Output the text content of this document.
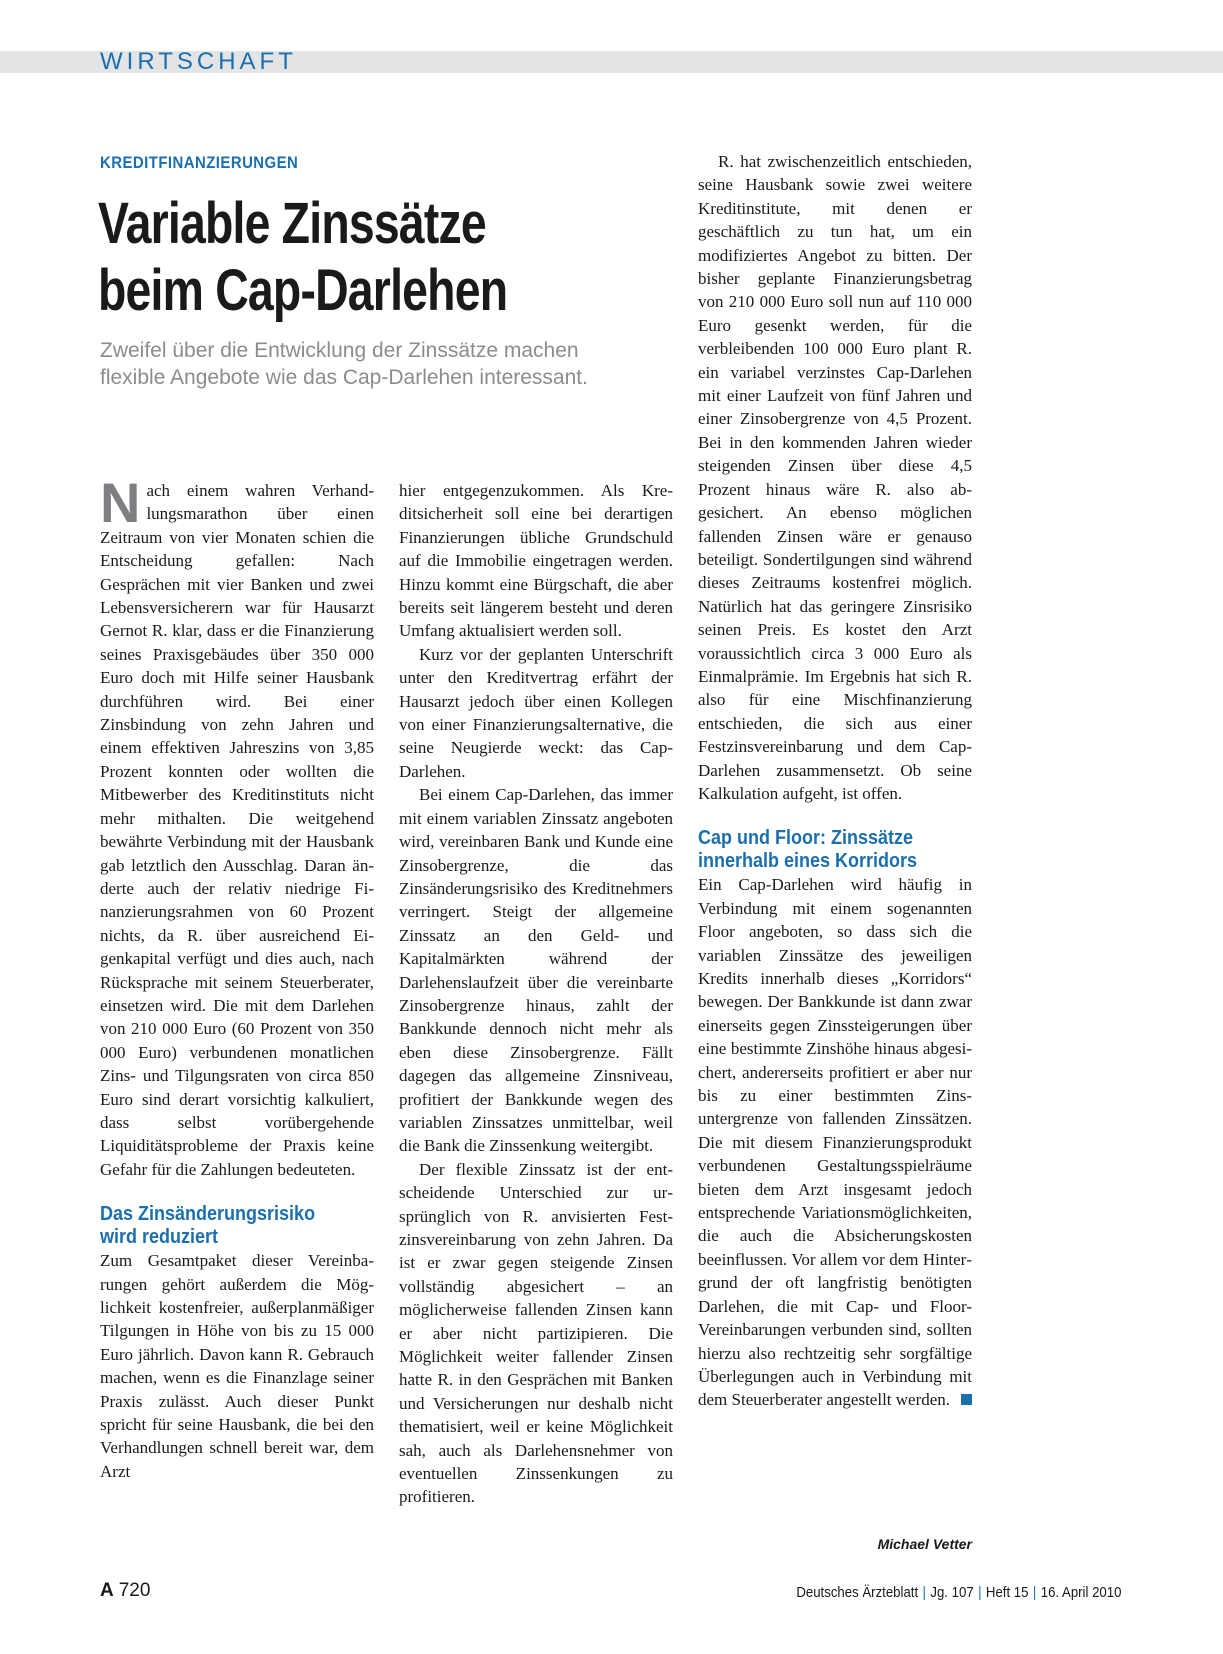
WIRTSCHAFT
KREDITFINANZIERUNGEN
Variable Zinssätze
beim Cap-Darlehen

Zweifel über die Entwicklung der Zinssätze machen flexible Angebote wie das Cap-Darlehen interessant.

Nach einem wahren Verhandlungsmarathon über einen Zeitraum von vier Monaten schien die Entscheidung gefallen: Nach Gesprächen mit vier Banken und zwei Lebensversicherern war für Hausarzt Gernot R. klar, dass er die Finanzierung seines Praxisgebäudes über 350 000 Euro doch mit Hilfe seiner Hausbank durchführen wird. Bei einer Zinsbindung von zehn Jahren und einem effektiven Jahreszins von 3,85 Prozent konnten oder wollten die Mitbewerber des Kreditinstituts nicht mehr mithalten. Die weitgehend bewährte Verbindung mit der Hausbank gab letztlich den Ausschlag. Daran änderte auch der relativ niedrige Finanzierungsrahmen von 60 Prozent nichts, da R. über ausreichend Eigenkapital verfügt und dies auch, nach Rücksprache mit seinem Steuerberater, einsetzen wird. Die mit dem Darlehen von 210 000 Euro (60 Prozent von 350 000 Euro) verbundenen monatlichen Zins- und Tilgungsraten von circa 850 Euro sind derart vorsichtig kalkuliert, dass selbst vorübergehende Liquiditätsprobleme der Praxis keine Gefahr für die Zahlungen bedeuteten.

Das Zinsänderungsrisiko
wird reduziert

Zum Gesamtpaket dieser Vereinbarungen gehört außerdem die Möglichkeit kostenfreier, außerplanmäßiger Tilgungen in Höhe von bis zu 15 000 Euro jährlich. Davon kann R. Gebrauch machen, wenn es die Finanzlage seiner Praxis zulässt. Auch dieser Punkt spricht für seine Hausbank, die bei den Verhandlungen schnell bereit war, dem Arzt

hier entgegenzukommen. Als Kreditsicherheit soll eine bei derartigen Finanzierungen übliche Grundschuld auf die Immobilie eingetragen werden. Hinzu kommt eine Bürgschaft, die aber bereits seit längerem besteht und deren Umfang aktualisiert werden soll.

Kurz vor der geplanten Unterschrift unter den Kreditvertrag erfährt der Hausarzt jedoch über einen Kollegen von einer Finanzierungsalternative, die seine Neugierde weckt: das Cap-Darlehen.

Bei einem Cap-Darlehen, das immer mit einem variablen Zinssatz angeboten wird, vereinbaren Bank und Kunde eine Zinsobergrenze, die das Zinsänderungsrisiko des Kreditnehmers verringert. Steigt der allgemeine Zinssatz an den Geld- und Kapitalmärkten während der Darlehenslaufzeit über die vereinbarte Zinsobergrenze hinaus, zahlt der Bankkunde dennoch nicht mehr als eben diese Zinsobergrenze. Fällt dagegen das allgemeine Zinsniveau, profitiert der Bankkunde wegen des variablen Zinssatzes unmittelbar, weil die Bank die Zinssenkung weitergibt.

Der flexible Zinssatz ist der entscheidende Unterschied zur ursprünglich von R. anvisierten Festzinsvereinbarung von zehn Jahren. Da ist er zwar gegen steigende Zinsen vollständig abgesichert – an möglicherweise fallenden Zinsen kann er aber nicht partizipieren. Die Möglichkeit weiter fallender Zinsen hatte R. in den Gesprächen mit Banken und Versicherungen nur deshalb nicht thematisiert, weil er keine Möglichkeit sah, auch als Darlehensnehmer von eventuellen Zinssenkungen zu profitieren.

R. hat zwischenzeitlich entschieden, seine Hausbank sowie zwei weitere Kreditinstitute, mit denen er geschäftlich zu tun hat, um ein modifiziertes Angebot zu bitten. Der bisher geplante Finanzierungsbetrag von 210 000 Euro soll nun auf 110 000 Euro gesenkt werden, für die verbleibenden 100 000 Euro plant R. ein variabel verzinstes Cap-Darlehen mit einer Laufzeit von fünf Jahren und einer Zinsobergrenze von 4,5 Prozent. Bei in den kommenden Jahren wieder steigenden Zinsen über diese 4,5 Prozent hinaus wäre R. also abgesichert. An ebenso möglichen fallenden Zinsen wäre er genauso beteiligt. Sondertilgungen sind während dieses Zeitraums kostenfrei möglich. Natürlich hat das geringere Zinsrisiko seinen Preis. Es kostet den Arzt voraussichtlich circa 3 000 Euro als Einmalprämie. Im Ergebnis hat sich R. also für eine Mischfinanzierung entschieden, die sich aus einer Festzinsvereinbarung und dem Cap-Darlehen zusammensetzt. Ob seine Kalkulation aufgeht, ist offen.

Cap und Floor: Zinssätze
innerhalb eines Korridors

Ein Cap-Darlehen wird häufig in Verbindung mit einem sogenannten Floor angeboten, so dass sich die variablen Zinssätze des jeweiligen Kredits innerhalb dieses „Korridors“ bewegen. Der Bankkunde ist dann zwar einerseits gegen Zinssteigerungen über eine bestimmte Zinshöhe hinaus abgesichert, andererseits profitiert er aber nur bis zu einer bestimmten Zinsuntergrenze von fallenden Zinssätzen. Die mit diesem Finanzierungsprodukt verbundenen Gestaltungsspielräume bieten dem Arzt insgesamt jedoch entsprechende Variationsmöglichkeiten, die auch die Absicherungskosten beeinflussen. Vor allem vor dem Hintergrund der oft langfristig benötigten Darlehen, die mit Cap- und Floor-Vereinbarungen verbunden sind, sollten hierzu also rechtzeitig sehr sorgfältige Überlegungen auch in Verbindung mit dem Steuerberater angestellt werden.

Michael Vetter
A 720	Deutsches Ärzteblatt | Jg. 107 | Heft 15 | 16. April 2010
